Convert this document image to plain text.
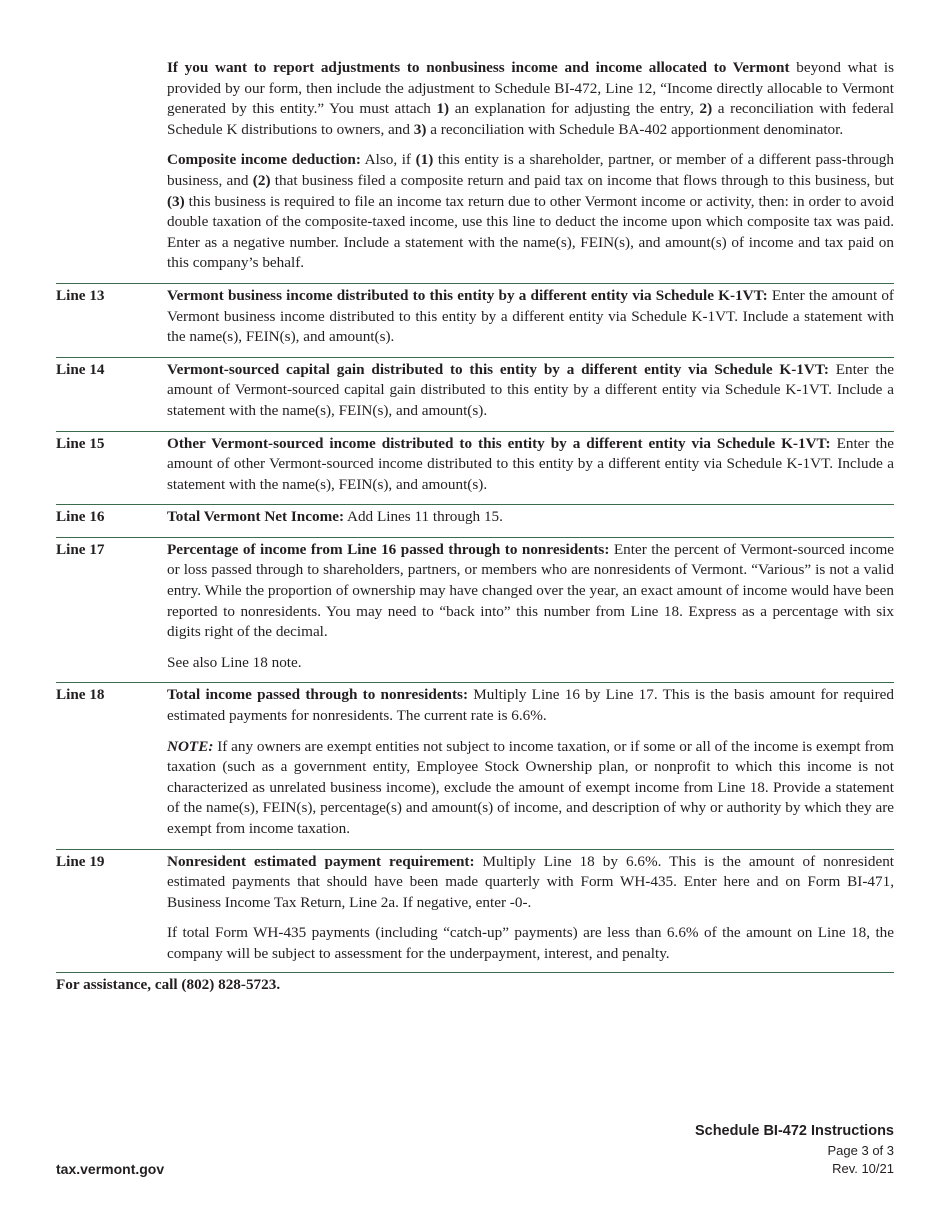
If you want to report adjustments to nonbusiness income and income allocated to Vermont beyond what is provided by our form, then include the adjustment to Schedule BI-472, Line 12, “Income directly allocable to Vermont generated by this entity.” You must attach 1) an explanation for adjusting the entry, 2) a reconciliation with federal Schedule K distributions to owners, and 3) a reconciliation with Schedule BA-402 apportionment denominator.

Composite income deduction: Also, if (1) this entity is a shareholder, partner, or member of a different pass-through business, and (2) that business filed a composite return and paid tax on income that flows through to this business, but (3) this business is required to file an income tax return due to other Vermont income or activity, then: in order to avoid double taxation of the composite-taxed income, use this line to deduct the income upon which composite tax was paid. Enter as a negative number. Include a statement with the name(s), FEIN(s), and amount(s) of income and tax paid on this company’s behalf.

Line 13	Vermont business income distributed to this entity by a different entity via Schedule K-1VT: Enter the amount of Vermont business income distributed to this entity by a different entity via Schedule K-1VT. Include a statement with the name(s), FEIN(s), and amount(s).

Line 14	Vermont-sourced capital gain distributed to this entity by a different entity via Schedule K-1VT: Enter the amount of Vermont-sourced capital gain distributed to this entity by a different entity via Schedule K-1VT. Include a statement with the name(s), FEIN(s), and amount(s).

Line 15	Other Vermont-sourced income distributed to this entity by a different entity via Schedule K-1VT: Enter the amount of other Vermont-sourced income distributed to this entity by a different entity via Schedule K-1VT. Include a statement with the name(s), FEIN(s), and amount(s).

Line 16	Total Vermont Net Income: Add Lines 11 through 15.

Line 17	Percentage of income from Line 16 passed through to nonresidents: Enter the percent of Vermont-sourced income or loss passed through to shareholders, partners, or members who are nonresidents of Vermont. “Various” is not a valid entry. While the proportion of ownership may have changed over the year, an exact amount of income would have been reported to nonresidents. You may need to “back into” this number from Line 18. Express as a percentage with six digits right of the decimal.

See also Line 18 note.

Line 18	Total income passed through to nonresidents: Multiply Line 16 by Line 17. This is the basis amount for required estimated payments for nonresidents. The current rate is 6.6%.

NOTE: If any owners are exempt entities not subject to income taxation, or if some or all of the income is exempt from taxation (such as a government entity, Employee Stock Ownership plan, or nonprofit to which this income is not characterized as unrelated business income), exclude the amount of exempt income from Line 18. Provide a statement of the name(s), FEIN(s), percentage(s) and amount(s) of income, and description of why or authority by which they are exempt from income taxation.

Line 19	Nonresident estimated payment requirement: Multiply Line 18 by 6.6%. This is the amount of nonresident estimated payments that should have been made quarterly with Form WH-435. Enter here and on Form BI-471, Business Income Tax Return, Line 2a. If negative, enter -0-.

If total Form WH-435 payments (including “catch-up” payments) are less than 6.6% of the amount on Line 18, the company will be subject to assessment for the underpayment, interest, and penalty.

For assistance, call (802) 828-5723.

Schedule BI-472 Instructions
Page 3 of 3
Rev. 10/21
tax.vermont.gov
